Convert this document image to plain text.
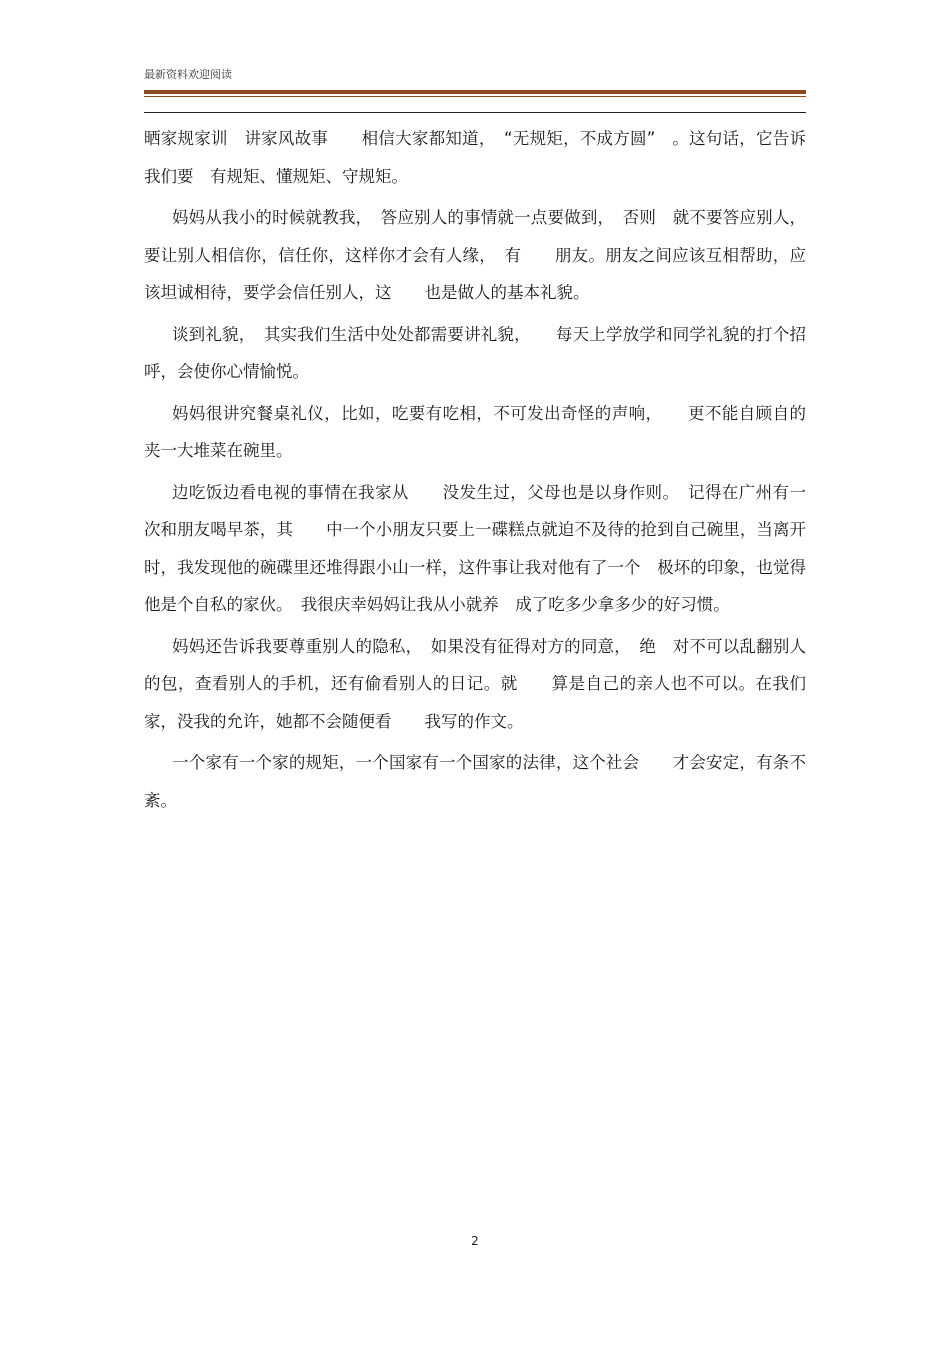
最新资料欢迎阅读

晒家规家训　讲家风故事　　相信大家都知道，　“无规矩，不成方圆”　。这句话，它告诉我们要　有规矩、懂规矩、守规矩。

妈妈从我小的时候就教我，　答应别人的事情就一点要做到，　否则　就不要答应别人，要让别人相信你，信任你，这样你才会有人缘，　有　　朋友。朋友之间应该互相帮助，应该坦诚相待，要学会信任别人，这　　也是做人的基本礼貌。

谈到礼貌，　其实我们生活中处处都需要讲礼貌，　　每天上学放学和同学礼貌的打个招呼，会使你心情愉悦。

妈妈很讲究餐桌礼仪，比如，吃要有吃相，不可发出奇怪的声响，　　更不能自顾自的夹一大堆菜在碗里。

边吃饭边看电视的事情在我家从　　没发生过，父母也是以身作则。　记得在广州有一次和朋友喝早茶，其　　中一个小朋友只要上一碟糕点就迫不及待的抢到自己碗里，当离开　时，我发现他的碗碟里还堆得跟小山一样，这件事让我对他有了一个　极坏的印象，也觉得他是个自私的家伙。　我很庆幸妈妈让我从小就养　成了吃多少拿多少的好习惯。

妈妈还告诉我要尊重别人的隐私，　如果没有征得对方的同意，　绝　对不可以乱翻别人的包，查看别人的手机，还有偷看别人的日记。就　　算是自己的亲人也不可以。在我们家，没我的允许，她都不会随便看　　我写的作文。

一个家有一个家的规矩，一个国家有一个国家的法律，这个社会　　才会安定，有条不紊。

2
